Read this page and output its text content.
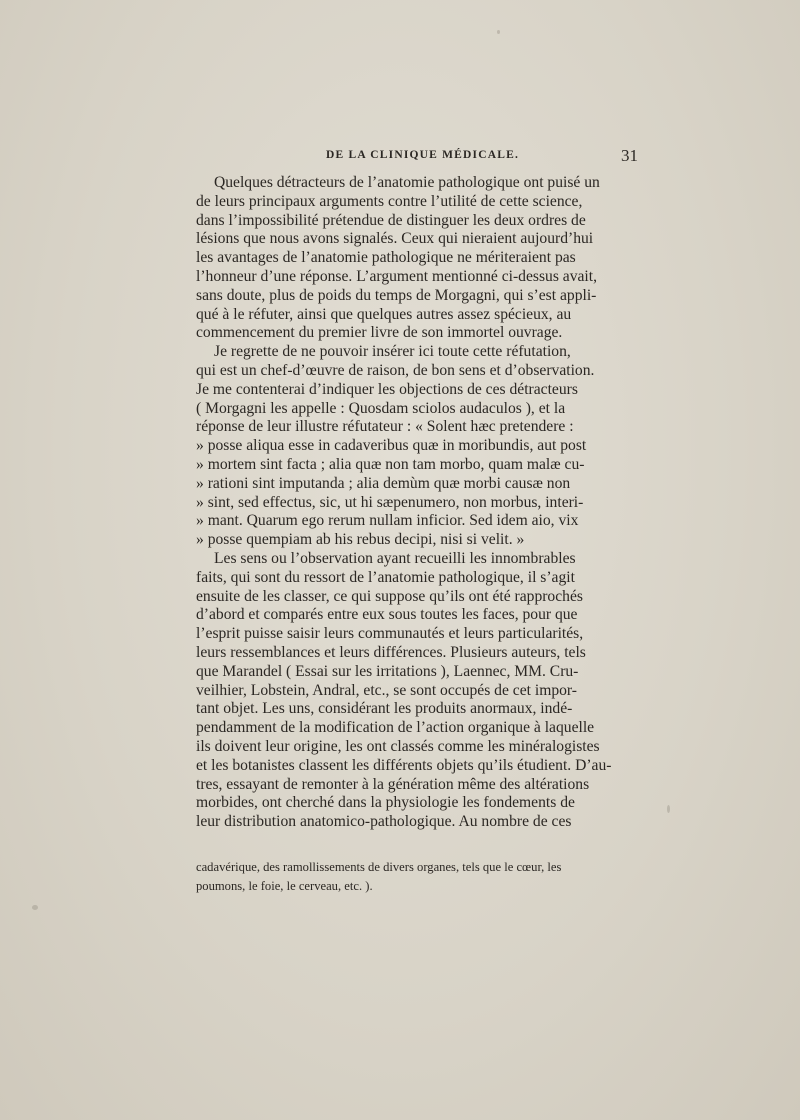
DE LA CLINIQUE MÉDICALE.	31
Quelques détracteurs de l’anatomie pathologique ont puisé un
de leurs principaux arguments contre l’utilité de cette science,
dans l’impossibilité prétendue de distinguer les deux ordres de
lésions que nous avons signalés. Ceux qui nieraient aujourd’hui
les avantages de l’anatomie pathologique ne mériteraient pas
l’honneur d’une réponse. L’argument mentionné ci-dessus avait,
sans doute, plus de poids du temps de Morgagni, qui s’est appli-
qué à le réfuter, ainsi que quelques autres assez spécieux, au
commencement du premier livre de son immortel ouvrage.
Je regrette de ne pouvoir insérer ici toute cette réfutation,
qui est un chef-d’œuvre de raison, de bon sens et d’observation.
Je me contenterai d’indiquer les objections de ces détracteurs
( Morgagni les appelle : Quosdam sciolos audaculos ), et la
réponse de leur illustre réfutateur : « Solent hæc pretendere :
» posse aliqua esse in cadaveribus quæ in moribundis, aut post
» mortem sint facta ; alia quæ non tam morbo, quam malæ cu-
» rationi sint imputanda ; alia demùm quæ morbi causæ non
» sint, sed effectus, sic, ut hi sæpenumero, non morbus, interi-
» mant. Quarum ego rerum nullam inficior. Sed idem aio, vix
» posse quempiam ab his rebus decipi, nisi si velit. »
Les sens ou l’observation ayant recueilli les innombrables
faits, qui sont du ressort de l’anatomie pathologique, il s’agit
ensuite de les classer, ce qui suppose qu’ils ont été rapprochés
d’abord et comparés entre eux sous toutes les faces, pour que
l’esprit puisse saisir leurs communautés et leurs particularités,
leurs ressemblances et leurs différences. Plusieurs auteurs, tels
que Marandel ( Essai sur les irritations ), Laennec, MM. Cru-
veilhier, Lobstein, Andral, etc., se sont occupés de cet impor-
tant objet. Les uns, considérant les produits anormaux, indé-
pendamment de la modification de l’action organique à laquelle
ils doivent leur origine, les ont classés comme les minéralogistes
et les botanistes classent les différents objets qu’ils étudient. D’au-
tres, essayant de remonter à la génération même des altérations
morbides, ont cherché dans la physiologie les fondements de
leur distribution anatomico-pathologique. Au nombre de ces
cadavérique, des ramollissements de divers organes, tels que le cœur, les
poumons, le foie, le cerveau, etc. ).
